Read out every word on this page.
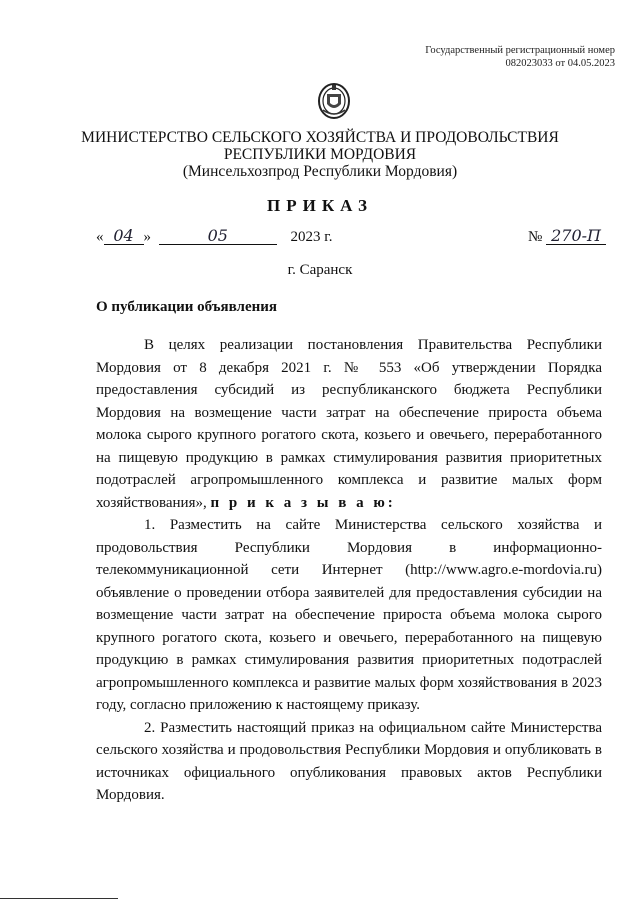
Государственный регистрационный номер
082023033 от 04.05.2023
МИНИСТЕРСТВО СЕЛЬСКОГО ХОЗЯЙСТВА И ПРОДОВОЛЬСТВИЯ
РЕСПУБЛИКИ МОРДОВИЯ
(Минсельхозпрод Республики Мордовия)
ПРИКАЗ
« 04 »	05	2023 г.	№ 270-П
г. Саранск
О публикации объявления

В целях реализации постановления Правительства Республики Мордовия от 8 декабря 2021 г. № 553 «Об утверждении Порядка предоставления субсидий из республиканского бюджета Республики Мордовия на возмещение части затрат на обеспечение прироста объема молока сырого крупного рогатого скота, козьего и овечьего, переработанного на пищевую продукцию в рамках стимулирования развития приоритетных подотраслей агропромышленного комплекса и развитие малых форм хозяйствования», п р и к а з ы в а ю:

1. Разместить на сайте Министерства сельского хозяйства и продовольствия Республики Мордовия в информационно-телекоммуникационной сети Интернет (http://www.agro.e-mordovia.ru) объявление о проведении отбора заявителей для предоставления субсидии на возмещение части затрат на обеспечение прироста объема молока сырого крупного рогатого скота, козьего и овечьего, переработанного на пищевую продукцию в рамках стимулирования развития приоритетных подотраслей агропромышленного комплекса и развитие малых форм хозяйствования в 2023 году, согласно приложению к настоящему приказу.

2. Разместить настоящий приказ на официальном сайте Министерства сельского хозяйства и продовольствия Республики Мордовия и опубликовать в источниках официального опубликования правовых актов Республики Мордовия.
